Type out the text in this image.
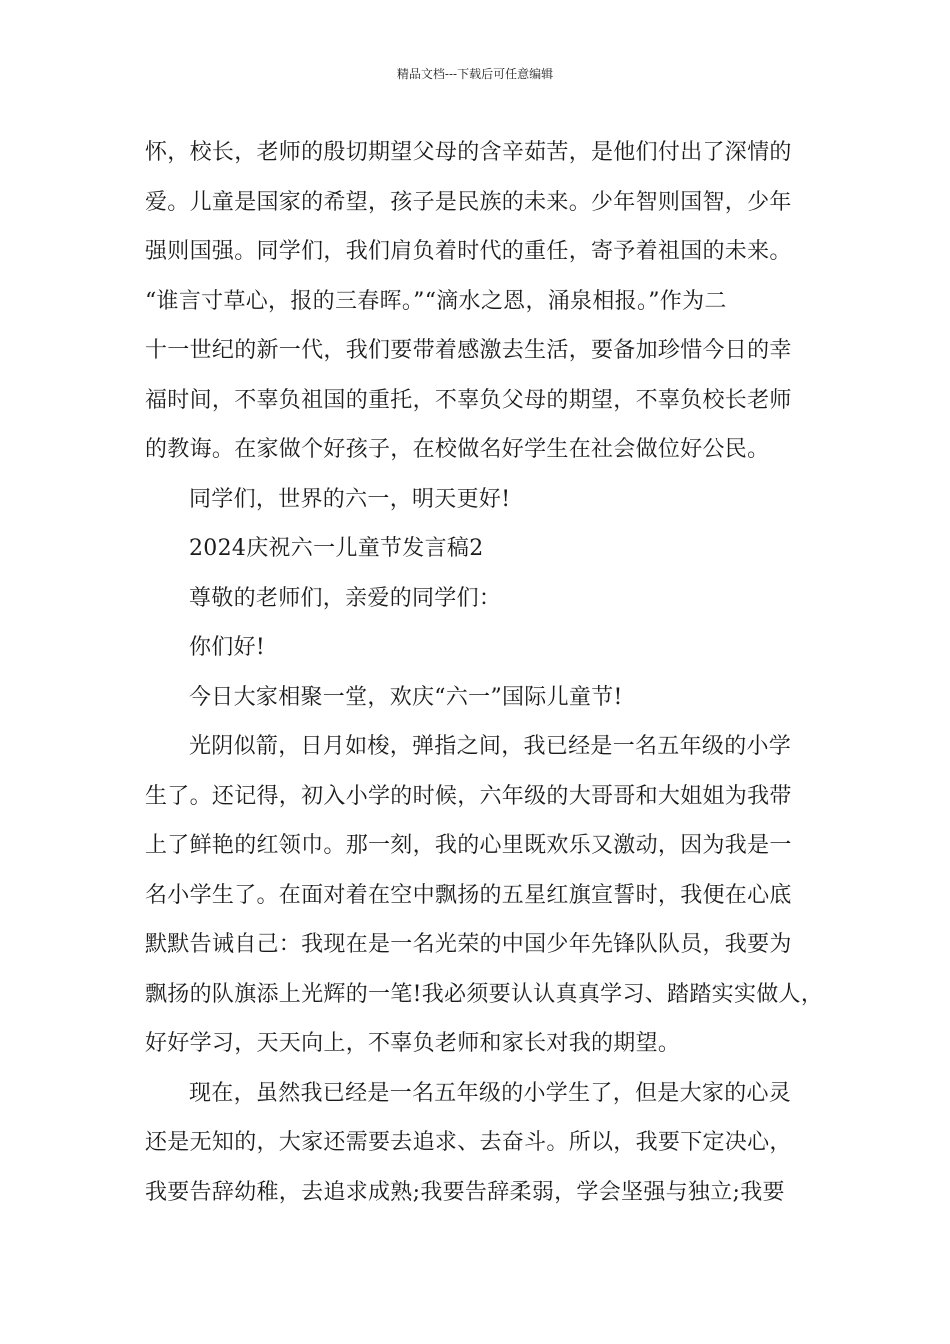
精品文档---下载后可任意编辑
怀，校长，老师的殷切期望父母的含辛茹苦，是他们付出了深情的
爱。儿童是国家的希望，孩子是民族的未来。少年智则国智，少年
强则国强。同学们，我们肩负着时代的重任，寄予着祖国的未来。
“谁言寸草心，报的三春晖。”“滴水之恩，涌泉相报。”作为二
十一世纪的新一代，我们要带着感激去生活，要备加珍惜今日的幸
福时间，不辜负祖国的重托，不辜负父母的期望，不辜负校长老师
的教诲。在家做个好孩子，在校做名好学生在社会做位好公民。
同学们，世界的六一，明天更好!
2024庆祝六一儿童节发言稿2
尊敬的老师们，亲爱的同学们：
你们好!
今日大家相聚一堂，欢庆“六一”国际儿童节!
光阴似箭，日月如梭，弹指之间，我已经是一名五年级的小学
生了。还记得，初入小学的时候，六年级的大哥哥和大姐姐为我带
上了鲜艳的红领巾。那一刻，我的心里既欢乐又激动，因为我是一
名小学生了。在面对着在空中飘扬的五星红旗宣誓时，我便在心底
默默告诫自己：我现在是一名光荣的中国少年先锋队队员，我要为
飘扬的队旗添上光辉的一笔!我必须要认认真真学习、踏踏实实做人，
好好学习，天天向上，不辜负老师和家长对我的期望。
现在，虽然我已经是一名五年级的小学生了，但是大家的心灵
还是无知的，大家还需要去追求、去奋斗。所以，我要下定决心，
我要告辞幼稚，去追求成熟;我要告辞柔弱，学会坚强与独立;我要
